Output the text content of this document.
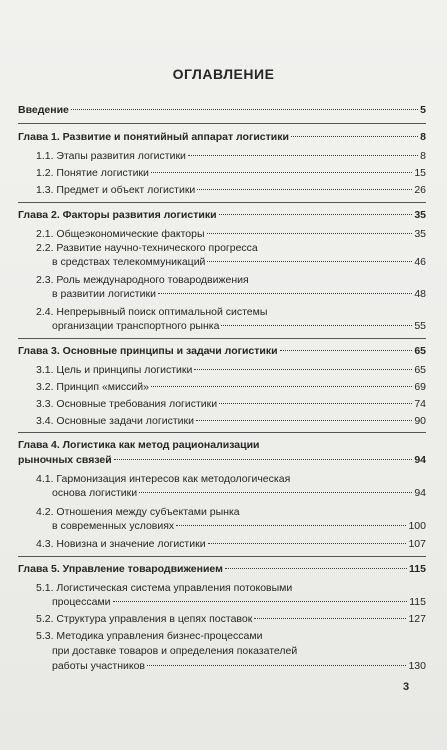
ОГЛАВЛЕНИЕ
Введение	5
Глава 1. Развитие и понятийный аппарат логистики	8
1.1. Этапы развития логистики	8
1.2. Понятие логистики	15
1.3. Предмет и объект логистики	26
Глава 2. Факторы развития логистики	35
2.1. Общеэкономические факторы	35
2.2. Развитие научно-технического прогресса
в средствах телекоммуникаций	46
2.3. Роль международного товародвижения
в развитии логистики	48
2.4. Непрерывный поиск оптимальной системы
организации транспортного рынка	55
Глава 3. Основные принципы и задачи логистики	65
3.1. Цель и принципы логистики	65
3.2. Принцип «миссий»	69
3.3. Основные требования логистики	74
3.4. Основные задачи логистики	90
Глава 4. Логистика как метод рационализации
рыночных связей	94
4.1. Гармонизация интересов как методологическая
основа логистики	94
4.2. Отношения между субъектами рынка
в современных условиях	100
4.3. Новизна и значение логистики	107
Глава 5. Управление товародвижением	115
5.1. Логистическая система управления потоковыми
процессами	115
5.2. Структура управления в цепях поставок	127
5.3. Методика управления бизнес-процессами
при доставке товаров и определения показателей
работы участников	130
3
